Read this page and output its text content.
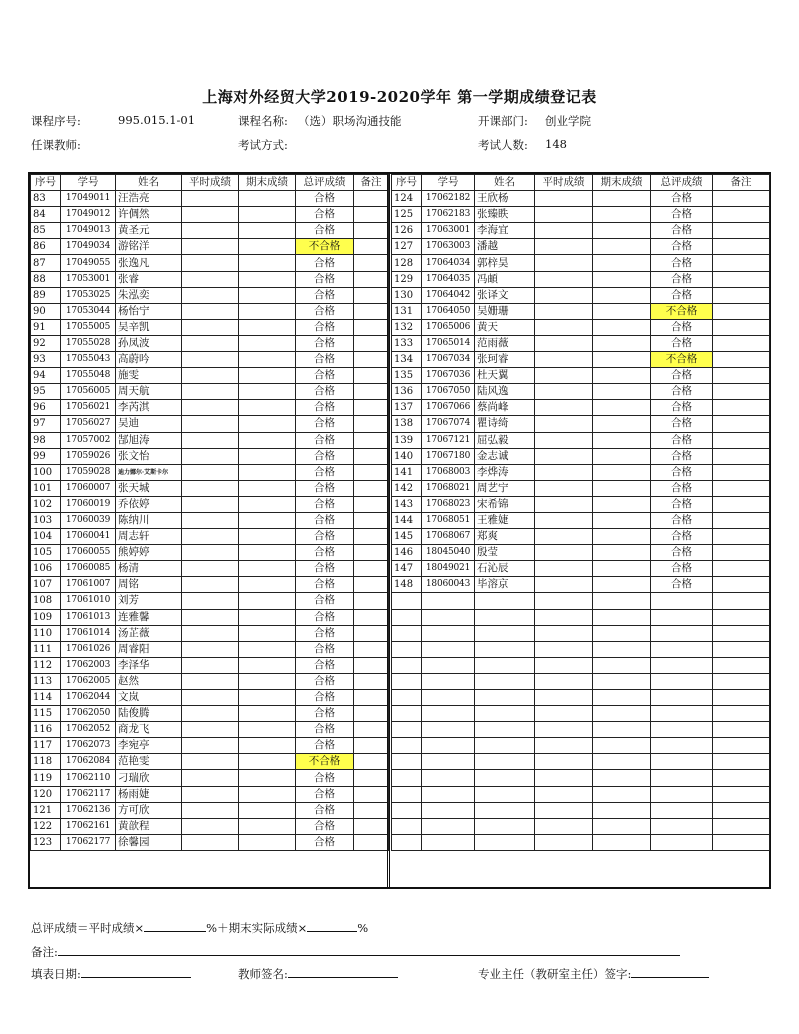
上海对外经贸大学2019-2020学年 第一学期成绩登记表
课程序号:	995.015.1-01	课程名称: （选）职场沟通技能	开课部门: 创业学院
任课教师:	考试方式:	考试人数: 148
序号	学号	姓名	平时成绩	期末成绩	总评成绩	备注
83	17049011	汪浩亮			合格	
84	17049012	许倜然			合格	
85	17049013	黄圣元			合格	
86	17049034	游铭洋			不合格	
87	17049055	张逸凡			合格	
88	17053001	张睿			合格	
89	17053025	朱泓奕			合格	
90	17053044	杨怡宁			合格	
91	17055005	吴辛凯			合格	
92	17055028	孙凤波			合格	
93	17055043	高蔚吟			合格	
94	17055048	施雯			合格	
95	17056005	周天航			合格	
96	17056021	李芮淇			合格	
97	17056027	吴迪			合格	
98	17057002	郜旭涛			合格	
99	17059026	张文怡			合格	
100	17059028	迪力娜尔·艾斯卡尔			合格	
101	17060007	张天城			合格	
102	17060019	乔依婷			合格	
103	17060039	陈纳川			合格	
104	17060041	周志轩			合格	
105	17060055	熊婷婷			合格	
106	17060085	杨清			合格	
107	17061007	周铭			合格	
108	17061010	刘芳			合格	
109	17061013	连雅馨			合格	
110	17061014	汤芷薇			合格	
111	17061026	周睿阳			合格	
112	17062003	李泽华			合格	
113	17062005	赵然			合格	
114	17062044	文岚			合格	
115	17062050	陆俊腾			合格	
116	17062052	商龙飞			合格	
117	17062073	李宛亭			合格	
118	17062084	范艳雯			不合格	
119	17062110	刁瑞欣			合格	
120	17062117	杨雨婕			合格	
121	17062136	方可欣			合格	
122	17062161	黄歆程			合格	
123	17062177	徐馨园			合格	
序号	学号	姓名	平时成绩	期末成绩	总评成绩	备注
124	17062182	王欣杨			合格	
125	17062183	张臻眣			合格	
126	17063001	李海宜			合格	
127	17063003	潘越			合格	
128	17064034	郭梓昊			合格	
129	17064035	冯頔			合格	
130	17064042	张译文			合格	
131	17064050	吴姗珊			不合格	
132	17065006	黄天			合格	
133	17065014	范雨薇			合格	
134	17067034	张珂睿			不合格	
135	17067036	杜天翼			合格	
136	17067050	陆风逸			合格	
137	17067066	蔡尚峰			合格	
138	17067074	瞿诗绮			合格	
139	17067121	屈弘毅			合格	
140	17067180	金志诚			合格	
141	17068003	李烨涛			合格	
142	17068021	周艺宁			合格	
143	17068023	宋希锦			合格	
144	17068051	王雅婕			合格	
145	17068067	郑爽			合格	
146	18045040	殷莹			合格	
147	18049021	石沁辰			合格	
148	18060043	毕溶京			合格	

总评成绩＝平时成绩×	%＋期末实际成绩×	%
备注:
填表日期:	教师签名:	专业主任（教研室主任）签字:
